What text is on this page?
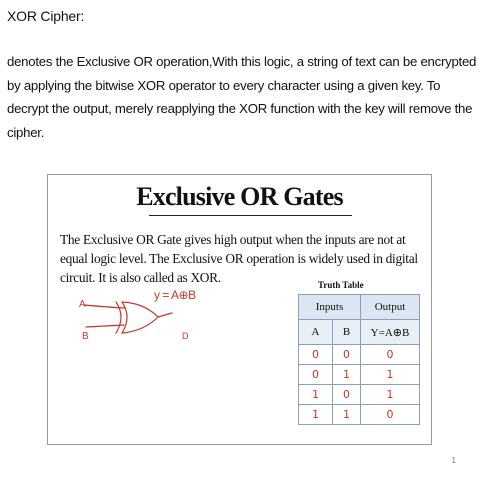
XOR Cipher:

denotes the Exclusive OR operation,With this logic, a string of text can be encrypted by applying the bitwise XOR operator to every character using a given key. To decrypt the output, merely reapplying the XOR function with the key will remove the cipher.

Exclusive OR Gates

The Exclusive OR Gate gives high output when the inputs are not at equal logic level. The Exclusive OR operation is widely used in digital circuit. It is also called as XOR.

A
B
y = A⊕B
D
Truth Table
Inputs		Output
A	B	Y=A⊕B
0	0	0
0	1	1
1	0	1
1	1	0
1
